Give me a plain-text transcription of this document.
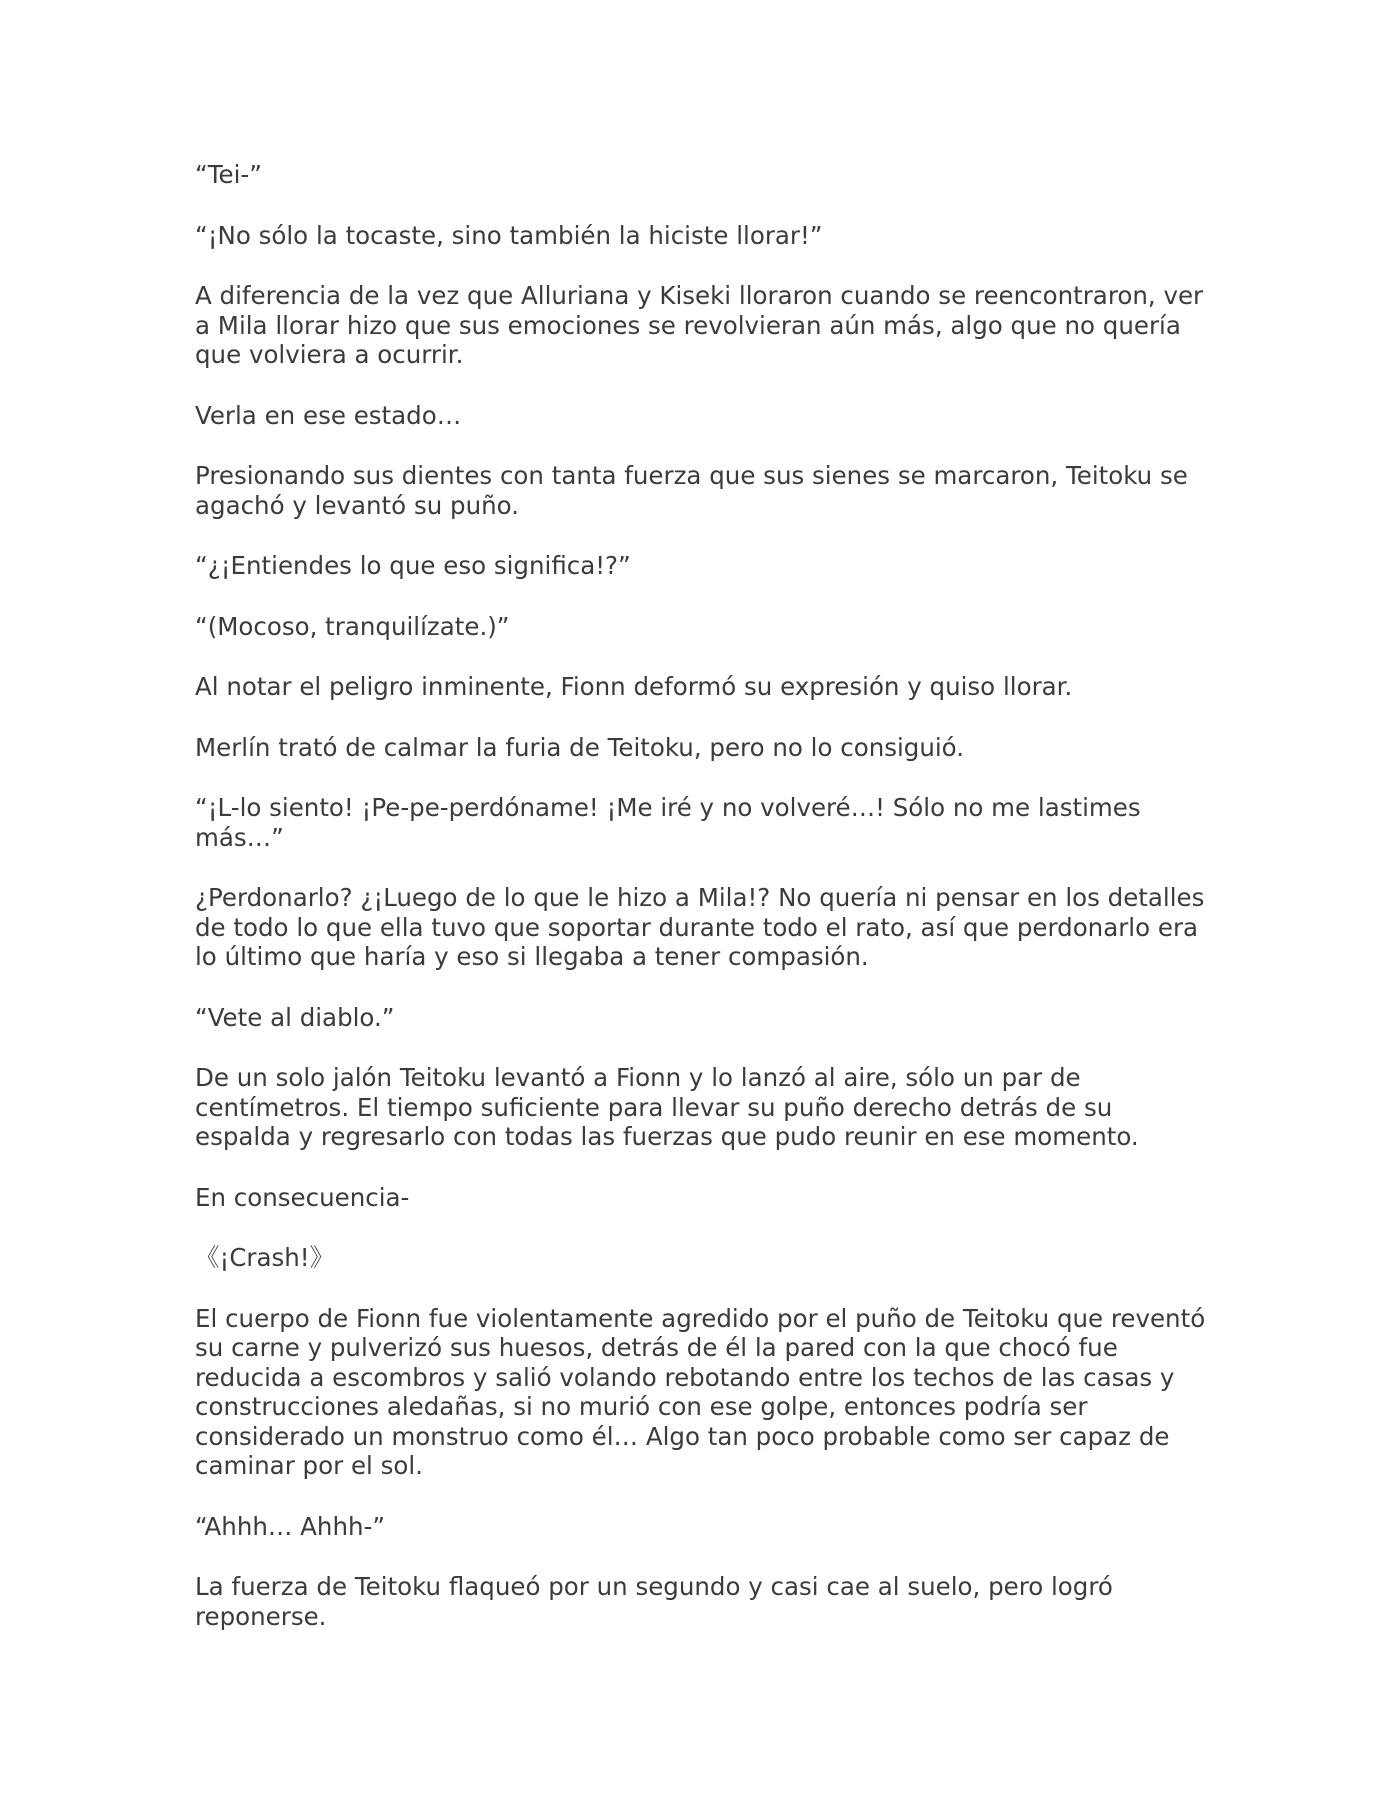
“Tei-”

“¡No sólo la tocaste, sino también la hiciste llorar!”

A diferencia de la vez que Alluriana y Kiseki lloraron cuando se reencontraron, ver a Mila llorar hizo que sus emociones se revolvieran aún más, algo que no quería que volviera a ocurrir.

Verla en ese estado…

Presionando sus dientes con tanta fuerza que sus sienes se marcaron, Teitoku se agachó y levantó su puño.

“¿¡Entiendes lo que eso significa!?”

“(Mocoso, tranquilízate.)”

Al notar el peligro inminente, Fionn deformó su expresión y quiso llorar.

Merlín trató de calmar la furia de Teitoku, pero no lo consiguió.

“¡L-lo siento! ¡Pe-pe-perdóname! ¡Me iré y no volveré…! Sólo no me lastimes más…”

¿Perdonarlo? ¿¡Luego de lo que le hizo a Mila!? No quería ni pensar en los detalles de todo lo que ella tuvo que soportar durante todo el rato, así que perdonarlo era lo último que haría y eso si llegaba a tener compasión.

“Vete al diablo.”

De un solo jalón Teitoku levantó a Fionn y lo lanzó al aire, sólo un par de centímetros. El tiempo suficiente para llevar su puño derecho detrás de su espalda y regresarlo con todas las fuerzas que pudo reunir en ese momento.

En consecuencia-

《¡Crash!》

El cuerpo de Fionn fue violentamente agredido por el puño de Teitoku que reventó su carne y pulverizó sus huesos, detrás de él la pared con la que chocó fue reducida a escombros y salió volando rebotando entre los techos de las casas y construcciones aledañas, si no murió con ese golpe, entonces podría ser considerado un monstruo como él… Algo tan poco probable como ser capaz de caminar por el sol.

“Ahhh… Ahhh-”

La fuerza de Teitoku flaqueó por un segundo y casi cae al suelo, pero logró reponerse.
